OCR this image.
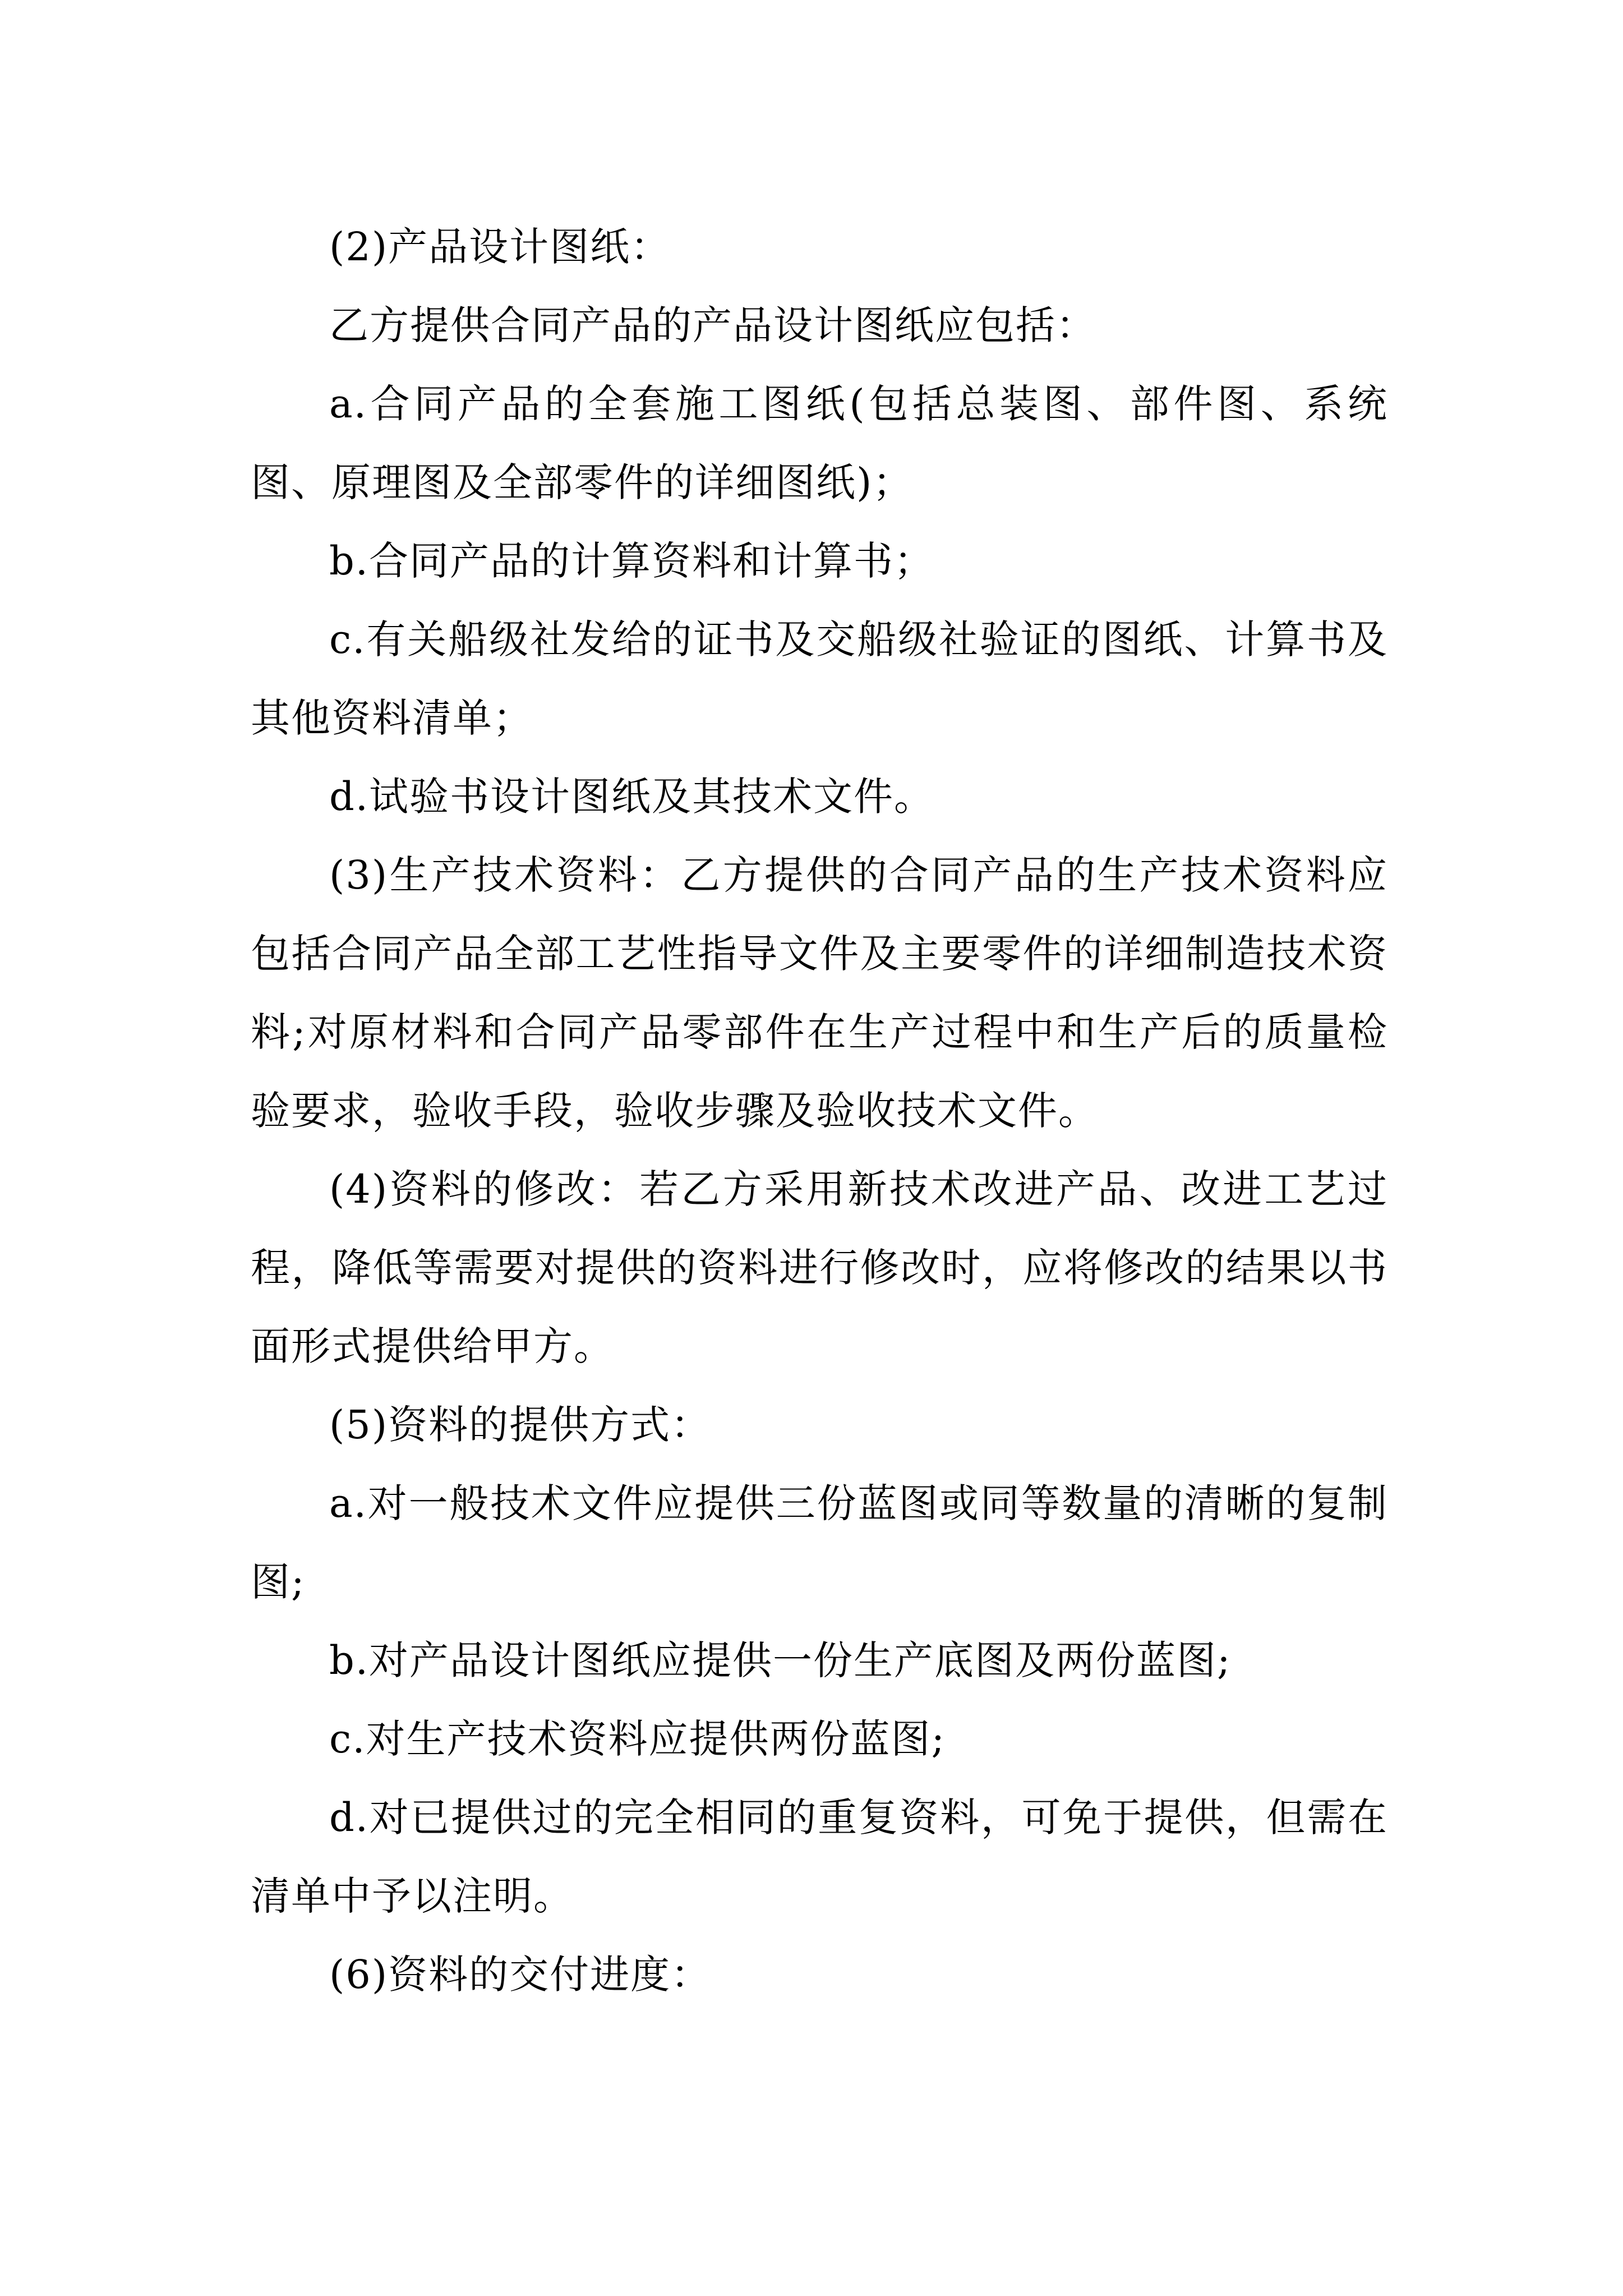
(2)产品设计图纸：

乙方提供合同产品的产品设计图纸应包括：

a.合同产品的全套施工图纸(包括总装图、部件图、系统图、原理图及全部零件的详细图纸)；

b.合同产品的计算资料和计算书；

c.有关船级社发给的证书及交船级社验证的图纸、计算书及其他资料清单；

d.试验书设计图纸及其技术文件。

(3)生产技术资料：乙方提供的合同产品的生产技术资料应包括合同产品全部工艺性指导文件及主要零件的详细制造技术资料;对原材料和合同产品零部件在生产过程中和生产后的质量检验要求，验收手段，验收步骤及验收技术文件。

(4)资料的修改：若乙方采用新技术改进产品、改进工艺过程，降低等需要对提供的资料进行修改时，应将修改的结果以书面形式提供给甲方。

(5)资料的提供方式：

a.对一般技术文件应提供三份蓝图或同等数量的清晰的复制图;

b.对产品设计图纸应提供一份生产底图及两份蓝图;

c.对生产技术资料应提供两份蓝图;

d.对已提供过的完全相同的重复资料，可免于提供，但需在清单中予以注明。

(6)资料的交付进度：
